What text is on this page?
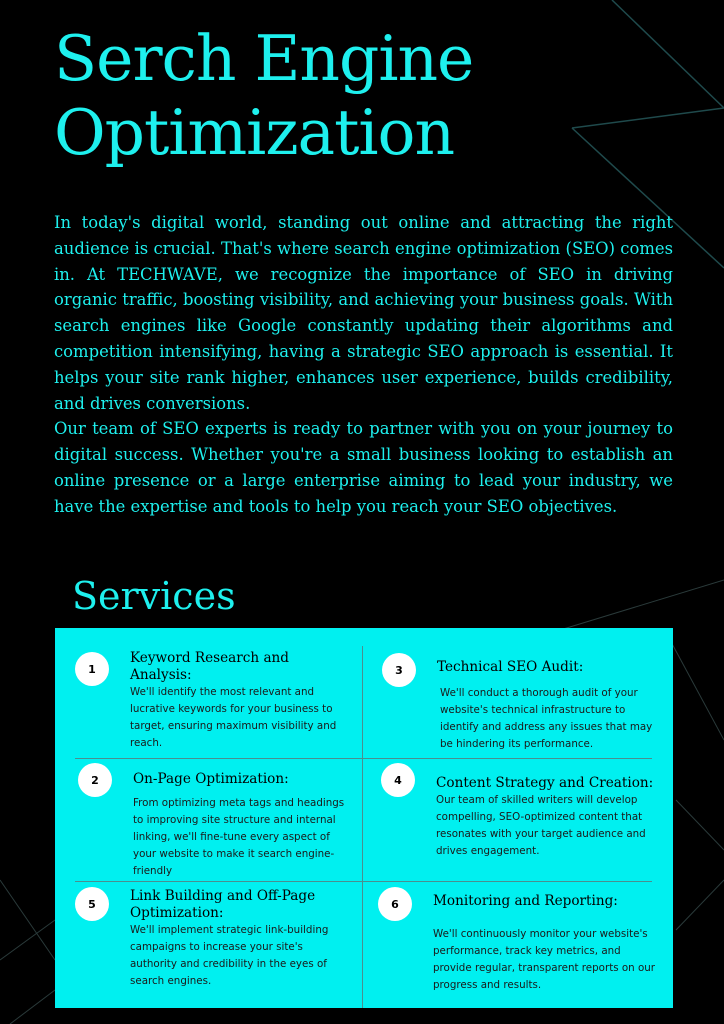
Serch Engine
Optimization

In today's digital world, standing out online and attracting the right audience is crucial. That's where search engine optimization (SEO) comes in. At TECHWAVE, we recognize the importance of SEO in driving organic traffic, boosting visibility, and achieving your business goals. With search engines like Google constantly updating their algorithms and competition intensifying, having a strategic SEO approach is essential. It helps your site rank higher, enhances user experience, builds credibility, and drives conversions.

Our team of SEO experts is ready to partner with you on your journey to digital success. Whether you're a small business looking to establish an online presence or a large enterprise aiming to lead your industry, we have the expertise and tools to help you reach your SEO objectives.

Services
1
Keyword Research and Analysis:

We'll identify the most relevant and lucrative keywords for your business to target, ensuring maximum visibility and reach.

3	Technical SEO Audit:

We'll conduct a thorough audit of your website's technical infrastructure to identify and address any issues that may be hindering its performance.

2	On-Page Optimization:

From optimizing meta tags and headings to improving site structure and internal linking, we'll fine-tune every aspect of your website to make it search engine-friendly

4	Content Strategy and Creation:

Our team of skilled writers will develop compelling, SEO-optimized content that resonates with your target audience and drives engagement.

5	Link Building and Off-Page Optimization:

We'll implement strategic link-building campaigns to increase your site's authority and credibility in the eyes of search engines.

6	Monitoring and Reporting:

We'll continuously monitor your website's performance, track key metrics, and provide regular, transparent reports on our progress and results.
